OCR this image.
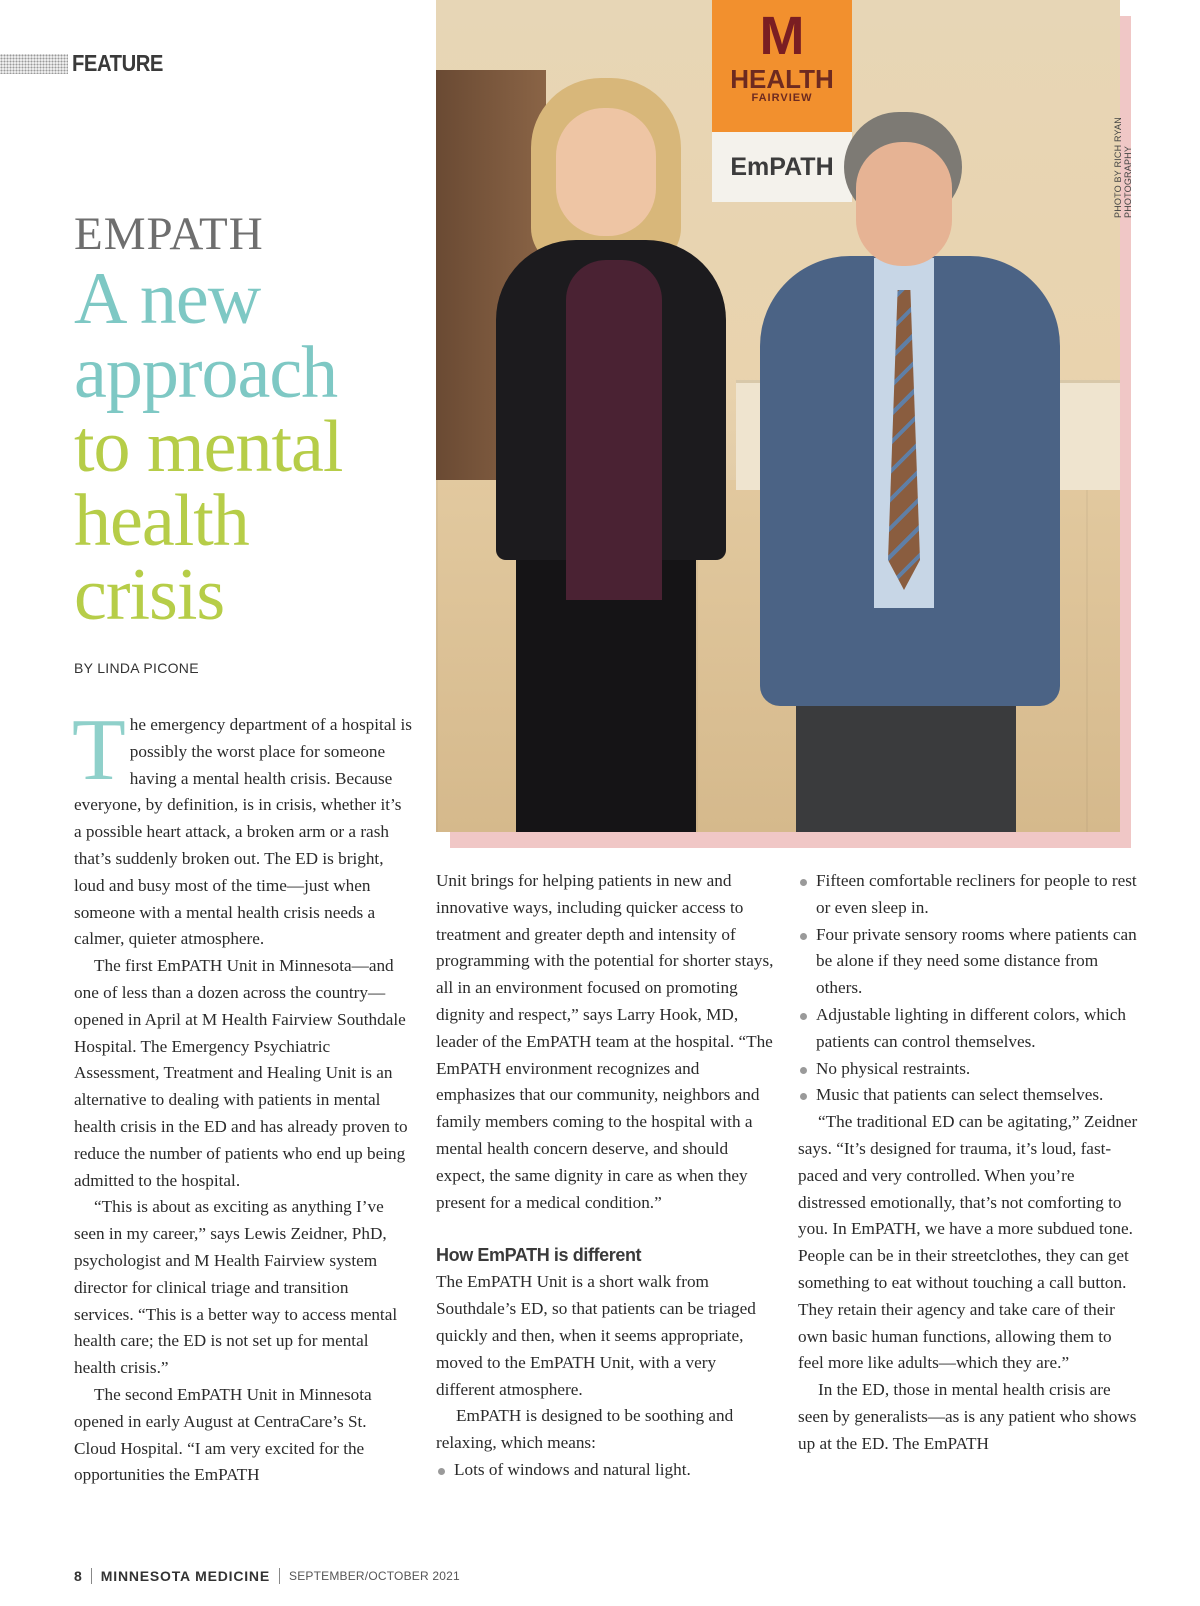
FEATURE
EMPATH
A new
approach
to mental
health
crisis
BY LINDA PICONE
M
HEALTH
FAIRVIEW
EmPATH	PHOTO BY RICH RYAN PHOTOGRAPHY

The emergency department of a hospital is possibly the worst place for someone having a mental health crisis. Because everyone, by definition, is in crisis, whether it’s a possible heart attack, a broken arm or a rash that’s suddenly broken out. The ED is bright, loud and busy most of the time—just when someone with a mental health crisis needs a calmer, quieter atmosphere.

The first EmPATH Unit in Minnesota—and one of less than a dozen across the country—opened in April at M Health Fairview Southdale Hospital. The Emergency Psychiatric Assessment, Treatment and Healing Unit is an alternative to dealing with patients in mental health crisis in the ED and has already proven to reduce the number of patients who end up being admitted to the hospital.

“This is about as exciting as anything I’ve seen in my career,” says Lewis Zeidner, PhD, psychologist and M Health Fairview system director for clinical triage and transition services. “This is a better way to access mental health care; the ED is not set up for mental health crisis.”

The second EmPATH Unit in Minnesota opened in early August at CentraCare’s St. Cloud Hospital. “I am very excited for the opportunities the EmPATH

Unit brings for helping patients in new and innovative ways, including quicker access to treatment and greater depth and intensity of programming with the potential for shorter stays, all in an environment focused on promoting dignity and respect,” says Larry Hook, MD, leader of the EmPATH team at the hospital. “The EmPATH environment recognizes and emphasizes that our community, neighbors and family members coming to the hospital with a mental health concern deserve, and should expect, the same dignity in care as when they present for a medical condition.”

How EmPATH is different

The EmPATH Unit is a short walk from Southdale’s ED, so that patients can be triaged quickly and then, when it seems appropriate, moved to the EmPATH Unit, with a very different atmosphere.

EmPATH is designed to be soothing and relaxing, which means:

Lots of windows and natural light.
Fifteen comfortable recliners for people to rest or even sleep in.
Four private sensory rooms where patients can be alone if they need some distance from others.
Adjustable lighting in different colors, which patients can control themselves.
No physical restraints.
Music that patients can select themselves.

“The traditional ED can be agitating,” Zeidner says. “It’s designed for trauma, it’s loud, fast-paced and very controlled. When you’re distressed emotionally, that’s not comforting to you. In EmPATH, we have a more subdued tone. People can be in their streetclothes, they can get something to eat without touching a call button. They retain their agency and take care of their own basic human functions, allowing them to feel more like adults—which they are.”

In the ED, those in mental health crisis are seen by generalists—as is any patient who shows up at the ED. The EmPATH

8 MINNESOTA MEDICINE SEPTEMBER/OCTOBER 2021
